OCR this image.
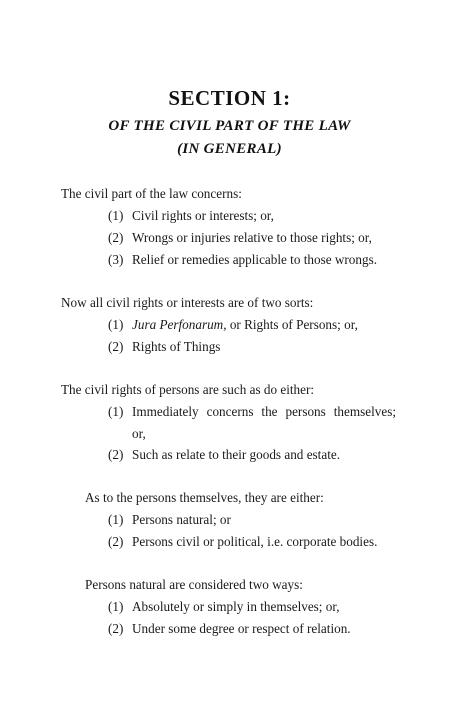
SECTION 1:
OF THE CIVIL PART OF THE LAW
(IN GENERAL)
The civil part of the law concerns:
(1) Civil rights or interests; or,
(2) Wrongs or injuries relative to those rights; or,
(3) Relief or remedies applicable to those wrongs.
Now all civil rights or interests are of two sorts:
(1) Jura Perfonarum, or Rights of Persons; or,
(2) Rights of Things
The civil rights of persons are such as do either:
(1) Immediately concerns the persons themselves;
or,
(2) Such as relate to their goods and estate.
As to the persons themselves, they are either:
(1) Persons natural; or
(2) Persons civil or political, i.e. corporate bodies.
Persons natural are considered two ways:
(1) Absolutely or simply in themselves; or,
(2) Under some degree or respect of relation.
